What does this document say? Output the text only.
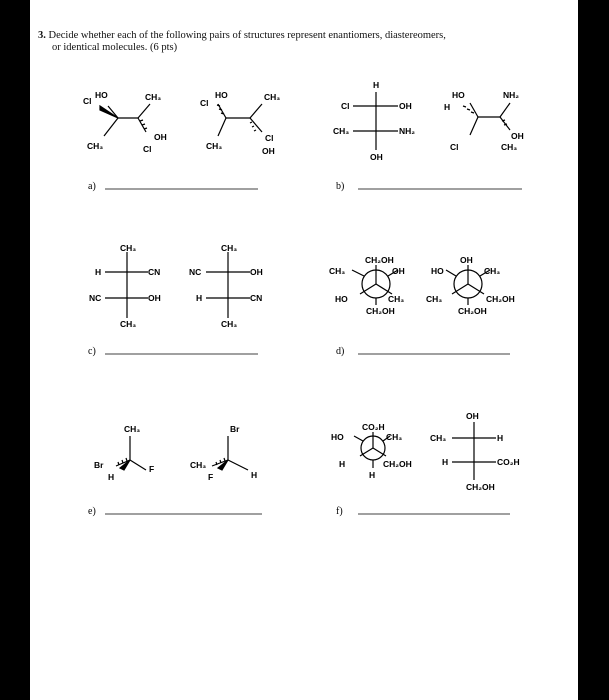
3. Decide whether each of the following pairs of structures represent enantiomers, diastereomers,
or identical molecules. (6 pts)
HO	CH₃
Cl
CH₃
OH
Cl
HO	CH₃
Cl
CH₃
Cl
OH
H
Cl	OH
CH₃	NH₂
OH
HO	NH₂
H
Cl
OH
CH₃
a)	b)
CH₃
H	CN
NC	OH
CH₃
CH₃
NC	OH
H	CN
CH₃
CH₂OH
CH₃	OH
HO	CH₃
CH₂OH
OH
HO	CH₃
CH₃	CH₂OH
CH₂OH
c)	d)
CH₃
Br	F
H
Br
CH₃
H
F
CO₂H
HO	CH₃
H	CH₂OH
H
OH
CH₃	H
H	CO₂H
CH₂OH
e)	f)
